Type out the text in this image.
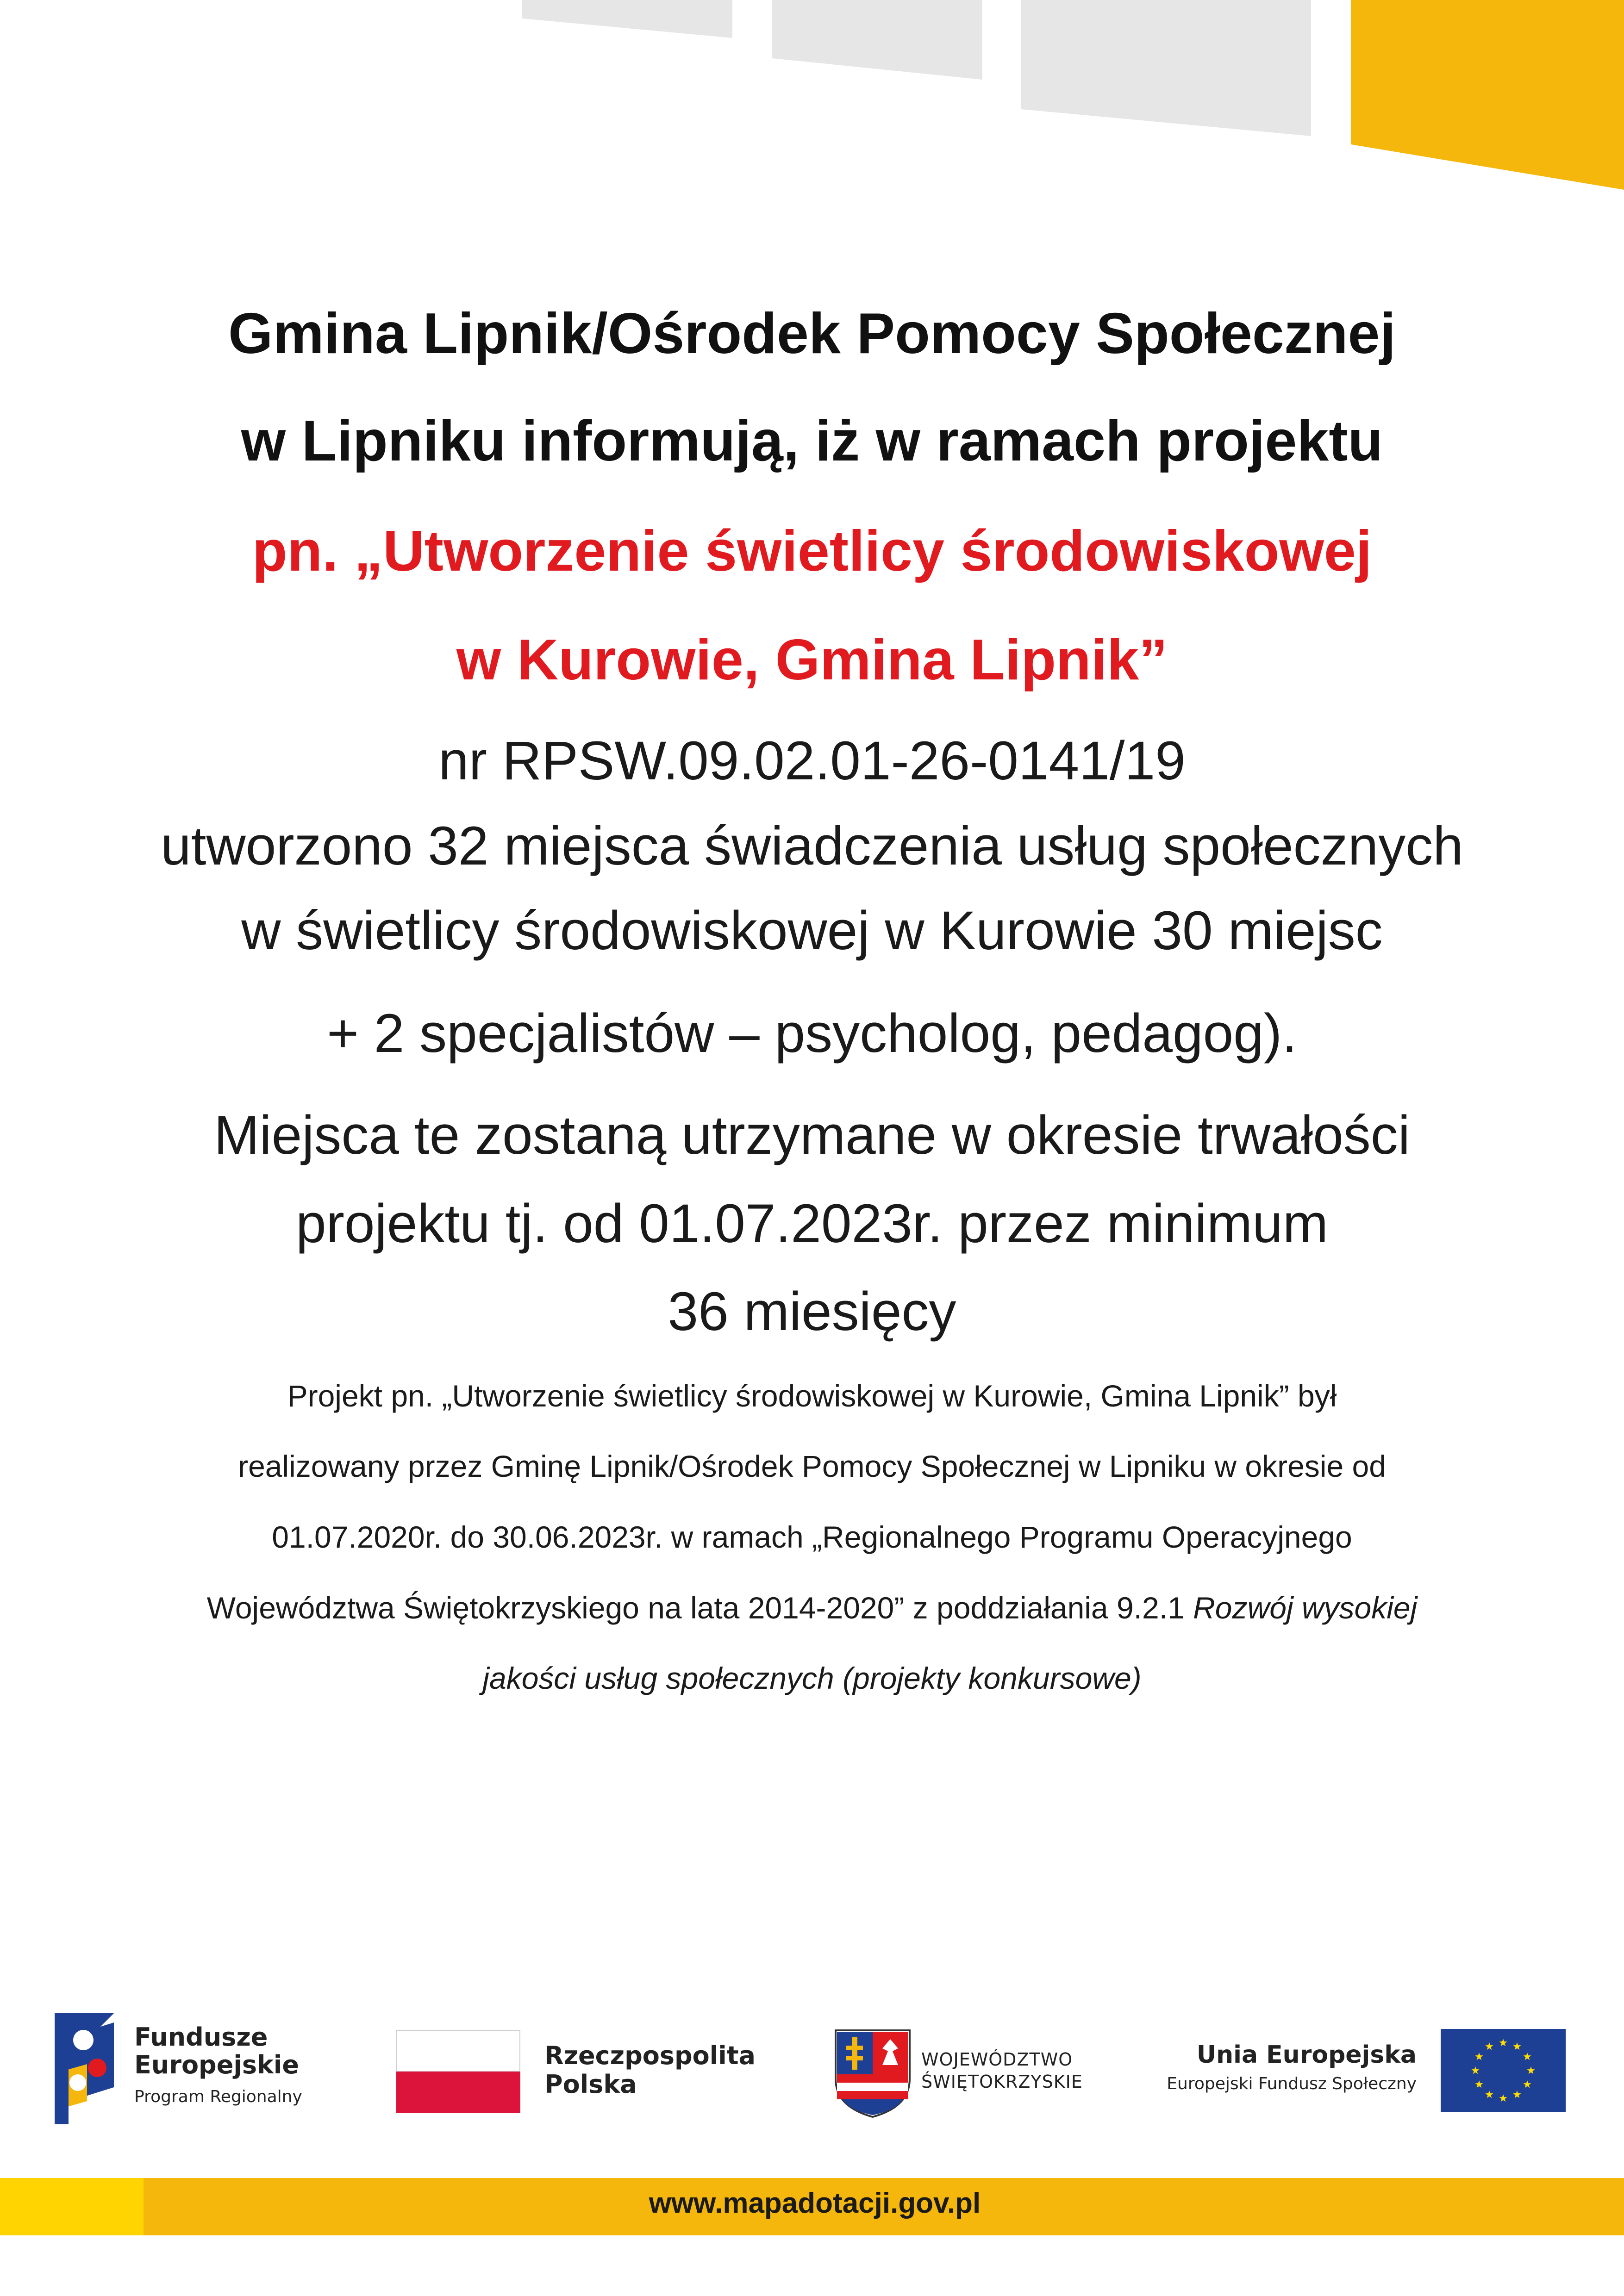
Gmina Lipnik/Ośrodek Pomocy Społecznej
w Lipniku informują, iż w ramach projektu
pn. „Utworzenie świetlicy środowiskowej
w Kurowie, Gmina Lipnik”
nr RPSW.09.02.01-26-0141/19
utworzono 32 miejsca świadczenia usług społecznych
w świetlicy środowiskowej w Kurowie 30 miejsc
+ 2 specjalistów – psycholog, pedagog).
Miejsca te zostaną utrzymane w okresie trwałości
projektu tj. od 01.07.2023r. przez minimum
36 miesięcy
Projekt pn. „Utworzenie świetlicy środowiskowej w Kurowie, Gmina Lipnik” był
realizowany przez Gminę Lipnik/Ośrodek Pomocy Społecznej w Lipniku w okresie od
01.07.2020r. do 30.06.2023r. w ramach „Regionalnego Programu Operacyjnego
Województwa Świętokrzyskiego na lata 2014-2020” z poddziałania 9.2.1 Rozwój wysokiej
jakości usług społecznych (projekty konkursowe)
Fundusze
Europejskie
Program Regionalny
Rzeczpospolita
Polska
WOJEWÓDZTWO
ŚWIĘTOKRZYSKIE
Unia Europejska
Europejski Fundusz Społeczny
www.mapadotacji.gov.pl
